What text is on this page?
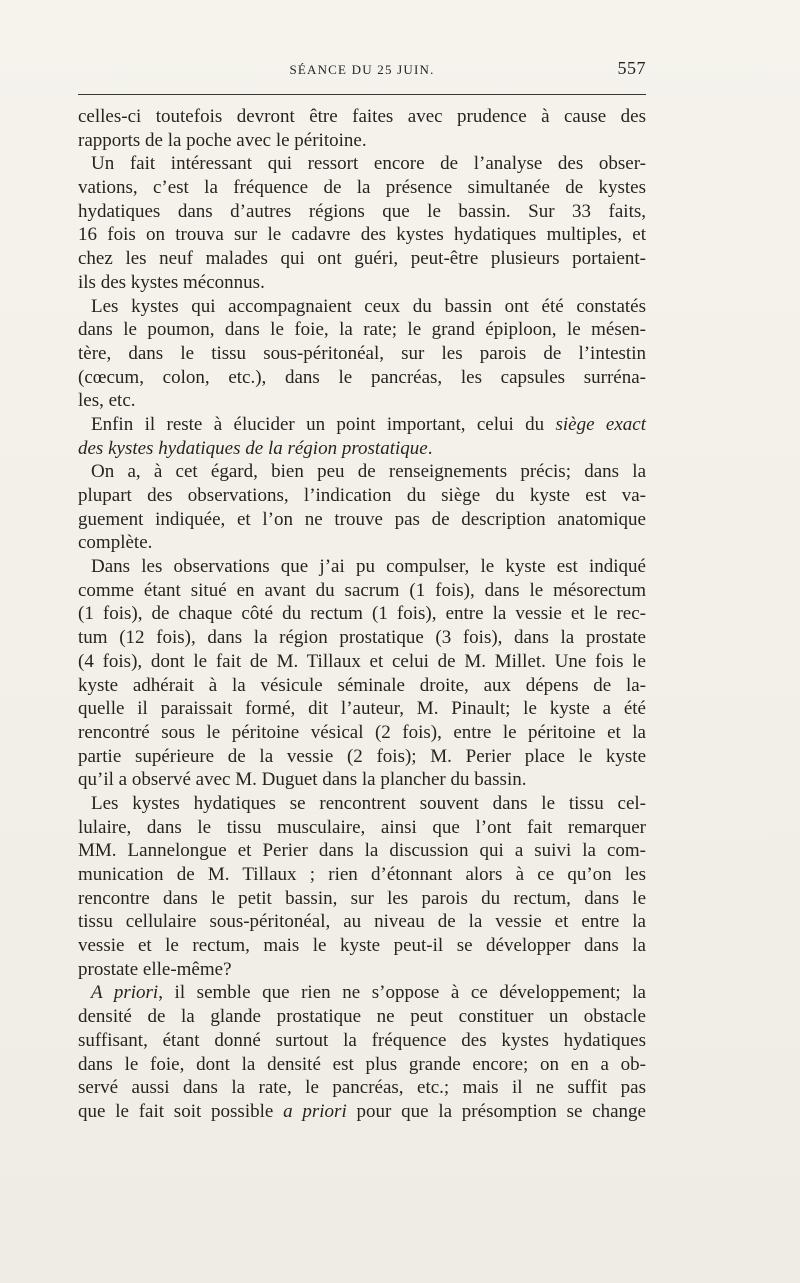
SÉANCE DU 25 JUIN.	557
celles-ci toutefois devront être faites avec prudence à cause des
rapports de la poche avec le péritoine.
Un fait intéressant qui ressort encore de l’analyse des obser-
vations, c’est la fréquence de la présence simultanée de kystes
hydatiques dans d’autres régions que le bassin. Sur 33 faits,
16 fois on trouva sur le cadavre des kystes hydatiques multiples, et
chez les neuf malades qui ont guéri, peut-être plusieurs portaient-
ils des kystes méconnus.
Les kystes qui accompagnaient ceux du bassin ont été constatés
dans le poumon, dans le foie, la rate; le grand épiploon, le mésen-
tère, dans le tissu sous-péritonéal, sur les parois de l’intestin
(cœcum, colon, etc.), dans le pancréas, les capsules surréna-
les, etc.
Enfin il reste à élucider un point important, celui du siège exact
des kystes hydatiques de la région prostatique.
On a, à cet égard, bien peu de renseignements précis; dans la
plupart des observations, l’indication du siège du kyste est va-
guement indiquée, et l’on ne trouve pas de description anatomique
complète.
Dans les observations que j’ai pu compulser, le kyste est indiqué
comme étant situé en avant du sacrum (1 fois), dans le mésorectum
(1 fois), de chaque côté du rectum (1 fois), entre la vessie et le rec-
tum (12 fois), dans la région prostatique (3 fois), dans la prostate
(4 fois), dont le fait de M. Tillaux et celui de M. Millet. Une fois le
kyste adhérait à la vésicule séminale droite, aux dépens de la-
quelle il paraissait formé, dit l’auteur, M. Pinault; le kyste a été
rencontré sous le péritoine vésical (2 fois), entre le péritoine et la
partie supérieure de la vessie (2 fois); M. Perier place le kyste
qu’il a observé avec M. Duguet dans la plancher du bassin.
Les kystes hydatiques se rencontrent souvent dans le tissu cel-
lulaire, dans le tissu musculaire, ainsi que l’ont fait remarquer
MM. Lannelongue et Perier dans la discussion qui a suivi la com-
munication de M. Tillaux ; rien d’étonnant alors à ce qu’on les
rencontre dans le petit bassin, sur les parois du rectum, dans le
tissu cellulaire sous-péritonéal, au niveau de la vessie et entre la
vessie et le rectum, mais le kyste peut-il se développer dans la
prostate elle-même?
A priori, il semble que rien ne s’oppose à ce développement; la
densité de la glande prostatique ne peut constituer un obstacle
suffisant, étant donné surtout la fréquence des kystes hydatiques
dans le foie, dont la densité est plus grande encore; on en a ob-
servé aussi dans la rate, le pancréas, etc.; mais il ne suffit pas
que le fait soit possible a priori pour que la présomption se change
